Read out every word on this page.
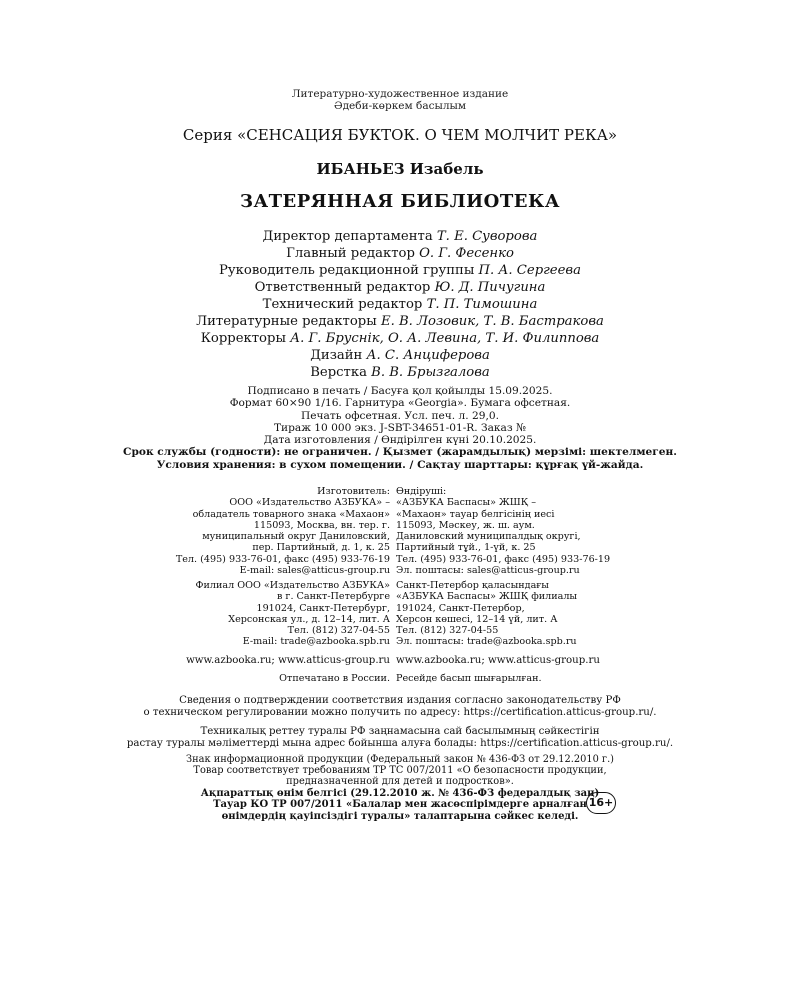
Литературно-художественное издание
Әдеби-көркем басылым
Серия «СЕНСАЦИЯ БУКТОК. О ЧЕМ МОЛЧИТ РЕКА»
ИБАНЬЕЗ Изабель
ЗАТЕРЯННАЯ БИБЛИОТЕКА
Директор департамента Т. Е. Суворова
Главный редактор О. Г. Фесенко
Руководитель редакционной группы П. А. Сергеева
Ответственный редактор Ю. Д. Пичугина
Технический редактор Т. П. Тимошина
Литературные редакторы Е. В. Лозовик, Т. В. Бастракова
Корректоры А. Г. Бруснік, О. А. Левина, Т. И. Филиппова
Дизайн А. С. Анциферова
Верстка В. В. Брызгалова
Подписано в печать / Басуға қол қойылды 15.09.2025.
Формат 60×90 1/16. Гарнитура «Georgia». Бумага офсетная.
Печать офсетная. Усл. печ. л. 29,0.
Тираж 10 000 экз. J-SBT-34651-01-R. Заказ №
Дата изготовления / Өндірілген күні 20.10.2025.
Срок службы (годности): не ограничен. / Қызмет (жарамдылық) мерзімі: шектелмеген.
Условия хранения: в сухом помещении. / Сақтау шарттары: құрғақ үй-жайда.
Изготовитель:
ООО «Издательство АЗБУКА» –
обладатель товарного знака «Махаон»
115093, Москва, вн. тер. г.
муниципальный округ Даниловский,
пер. Партийный, д. 1, к. 25
Тел. (495) 933-76-01, факс (495) 933-76-19
E-mail: sales@atticus-group.ru
Өндіруші:
«АЗБУКА Баспасы» ЖШҚ –
«Махаон» тауар белгісінің иесі
115093, Мәскеу, ж. ш. аум.
Даниловский муниципалдық округі,
Партийный тұй., 1-үй, к. 25
Тел. (495) 933-76-01, факс (495) 933-76-19
Эл. поштасы: sales@atticus-group.ru
Филиал ООО «Издательство АЗБУКА»
в г. Санкт-Петербурге
191024, Санкт-Петербург,
Херсонская ул., д. 12–14, лит. А
Тел. (812) 327-04-55
E-mail: trade@azbooka.spb.ru
Санкт-Петербор қаласындағы
«АЗБУКА Баспасы» ЖШҚ филиалы
191024, Санкт-Петербор,
Херсон көшесі, 12–14 үй, лит. А
Тел. (812) 327-04-55
Эл. поштасы: trade@azbooka.spb.ru
www.azbooka.ru; www.atticus-group.ru www.azbooka.ru; www.atticus-group.ru
Отпечатано в России. Ресейде басып шығарылған.
Сведения о подтверждении соответствия издания согласно законодательству РФ
о техническом регулировании можно получить по адресу: https://certification.atticus-group.ru/.
Техникалық реттеу туралы РФ заңнамасына сай басылымның сәйкестігін
растау туралы мәліметтерді мына адрес бойынша алуға болады: https://certification.atticus-group.ru/.
Знак информационной продукции (Федеральный закон № 436-ФЗ от 29.12.2010 г.)
Товар соответствует требованиям ТР ТС 007/2011 «О безопасности продукции,
предназначенной для детей и подростков».
Ақпараттық өнім белгісі (29.12.2010 ж. № 436-ФЗ федералдық заң)
Тауар КО ТР 007/2011 «Балалар мен жасөспірімдерге арналған
өнімдердің қауіпсіздігі туралы» талаптарына сәйкес келеді.
16+
